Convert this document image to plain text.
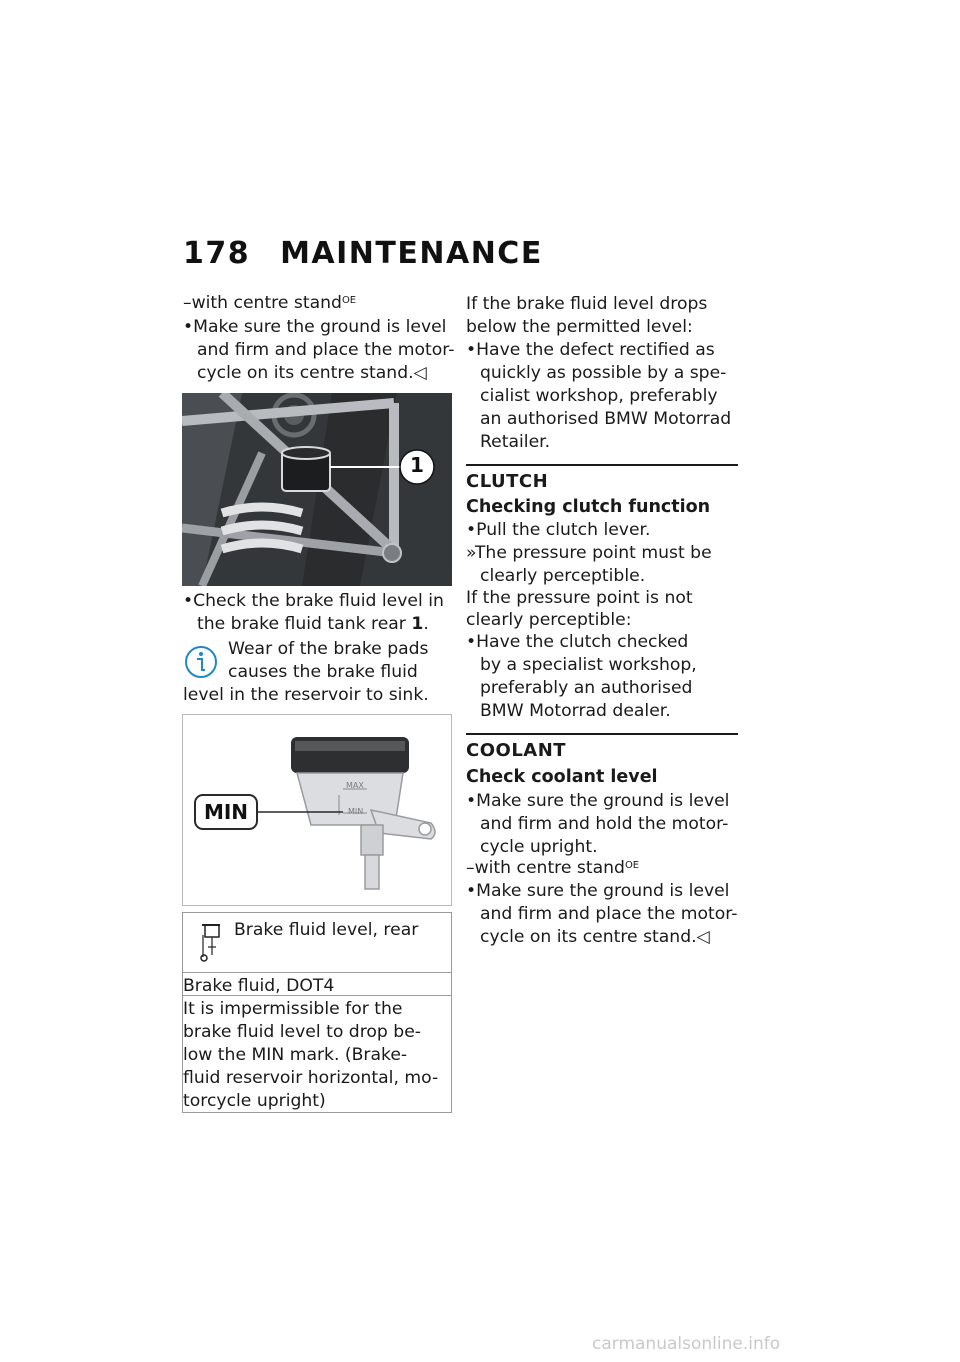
178 MAINTENANCE
–with centre stand$^{OE}$
•Make sure the ground is level
and firm and place the motor-
cycle on its centre stand.◁
1
•Check the brake fluid level in
the brake fluid tank rear 1.
Wear of the brake pads
causes the brake fluid
level in the reservoir to sink.
MIN
MAX
MIN
Brake fluid level, rear
Brake fluid, DOT4
It is impermissible for the
brake fluid level to drop be-
low the MIN mark. (Brake-
fluid reservoir horizontal, mo-
torcycle upright)
If the brake fluid level drops
below the permitted level:
•Have the defect rectified as
quickly as possible by a spe-
cialist workshop, preferably
an authorised BMW Motorrad
Retailer.
CLUTCH
Checking clutch function
•Pull the clutch lever.
»The pressure point must be
clearly perceptible.
If the pressure point is not
clearly perceptible:
•Have the clutch checked
by a specialist workshop,
preferably an authorised
BMW Motorrad dealer.
COOLANT
Check coolant level
•Make sure the ground is level
and firm and hold the motor-
cycle upright.
–with centre stand$^{OE}$
•Make sure the ground is level
and firm and place the motor-
cycle on its centre stand.◁
carmanualsonline.info
